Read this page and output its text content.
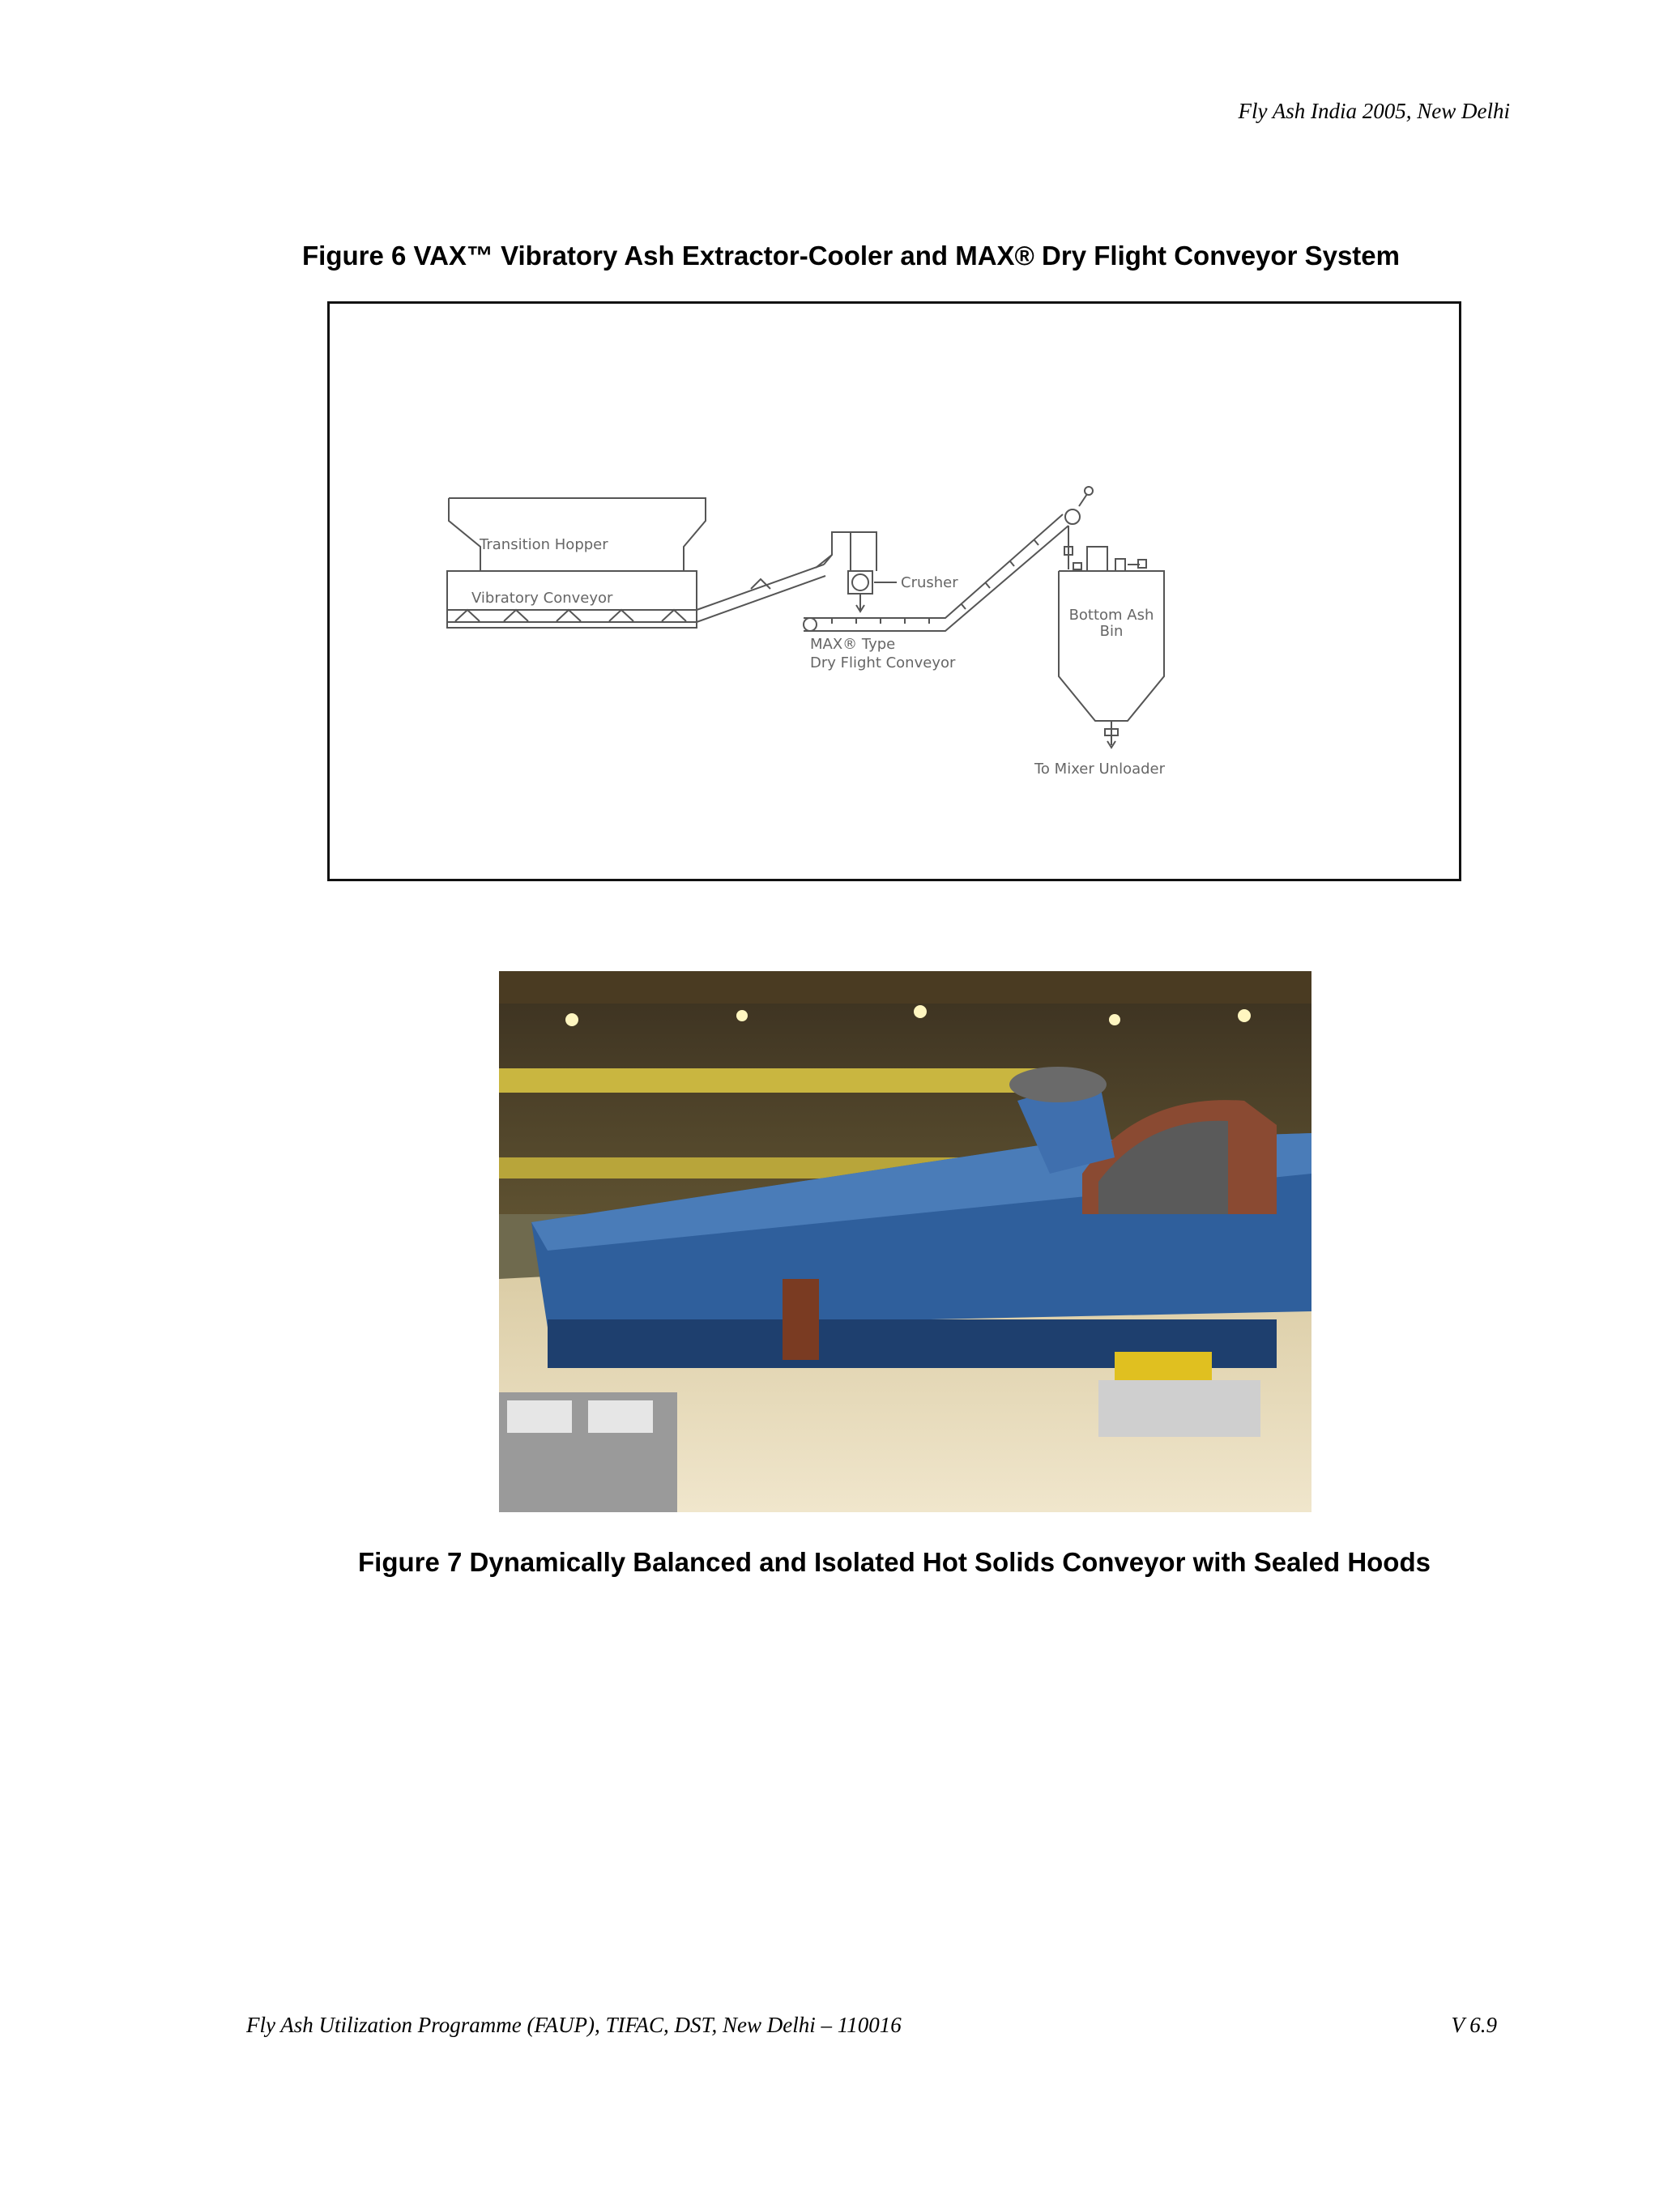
Fly Ash India 2005, New Delhi
Figure 6 VAX™ Vibratory Ash Extractor-Cooler and MAX® Dry Flight Conveyor System
Transition Hopper
Vibratory Conveyor
Crusher
MAX® Type
Dry Flight Conveyor
Bottom Ash
Bin
To Mixer Unloader
Figure 7 Dynamically Balanced and Isolated Hot Solids Conveyor with Sealed Hoods
Fly Ash Utilization Programme (FAUP), TIFAC, DST, New Delhi – 110016	V 6.9
